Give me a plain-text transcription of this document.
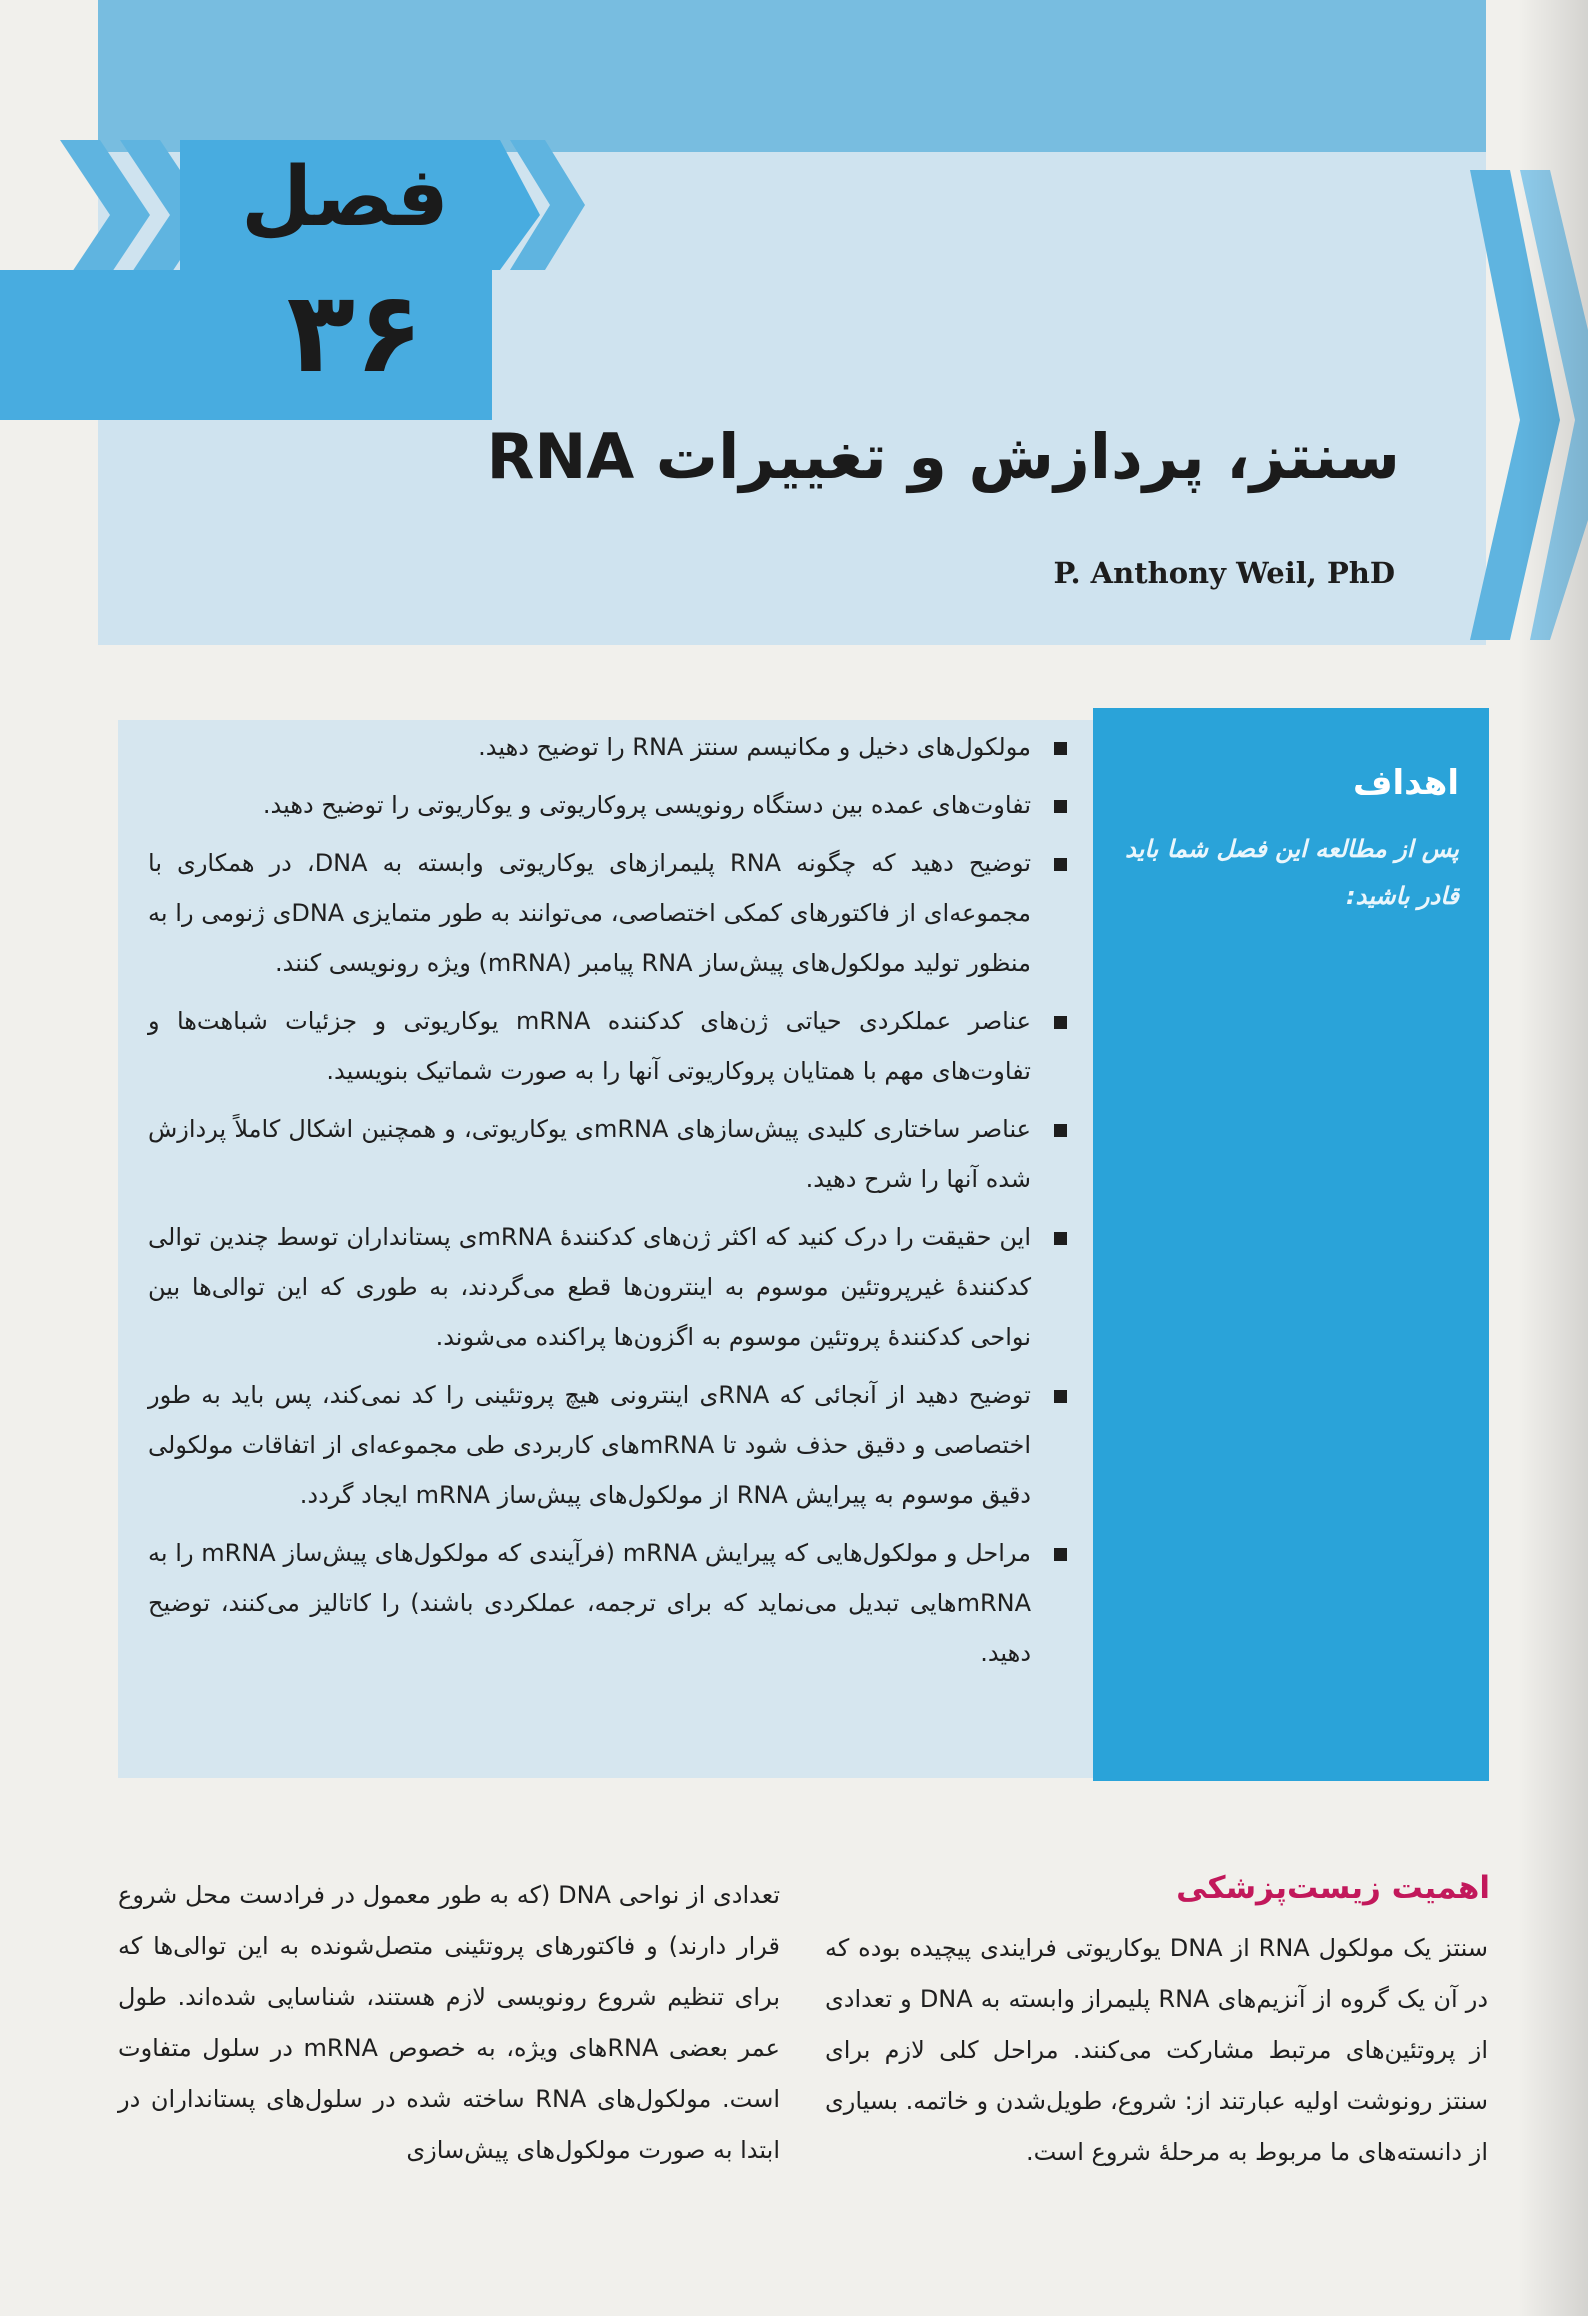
فصل
۳۶
سنتز، پردازش و تغییرات RNA
P. Anthony Weil, PhD
اهداف
پس از مطالعه این فصل شما باید قادر باشید:
مولکول‌های دخیل و مکانیسم سنتز RNA را توضیح دهید.
تفاوت‌های عمده بین دستگاه رونویسی پروکاریوتی و یوکاریوتی را توضیح دهید.
توضیح دهید که چگونه RNA پلیمرازهای یوکاریوتی وابسته به DNA، در همکاری با مجموعه‌ای از فاکتورهای کمکی اختصاصی، می‌توانند به طور متمایزی DNAی ژنومی را به منظور تولید مولکول‌های پیش‌ساز RNA پیامبر (mRNA) ویژه رونویسی کنند.
عناصر عملکردی حیاتی ژن‌های کدکننده mRNA یوکاریوتی و جزئیات شباهت‌ها و تفاوت‌های مهم با همتایان پروکاریوتی آنها را به صورت شماتیک بنویسید.
عناصر ساختاری کلیدی پیش‌سازهای mRNAی یوکاریوتی، و همچنین اشکال کاملاً پردازش شده آنها را شرح دهید.
این حقیقت را درک کنید که اکثر ژن‌های کدکنندهٔ mRNAی پستانداران توسط چندین توالی کدکنندهٔ غیرپروتئین موسوم به اینترون‌ها قطع می‌گردند، به طوری که این توالی‌ها بین نواحی کدکنندهٔ پروتئین موسوم به اگزون‌ها پراکنده می‌شوند.
توضیح دهید از آنجائی که RNAی اینترونی هیچ پروتئینی را کد نمی‌کند، پس باید به طور اختصاصی و دقیق حذف شود تا mRNAهای کاربردی طی مجموعه‌ای از اتفاقات مولکولی دقیق موسوم به پیرایش RNA از مولکول‌های پیش‌ساز mRNA ایجاد گردد.
مراحل و مولکول‌هایی که پیرایش mRNA (فرآیندی که مولکول‌های پیش‌ساز mRNA را به mRNAهایی تبدیل می‌نماید که برای ترجمه، عملکردی باشند) را کاتالیز می‌کنند، توضیح دهید.
اهمیت زیست‌پزشکی
سنتز یک مولکول RNA از DNA یوکاریوتی فرایندی پیچیده بوده که در آن یک گروه از آنزیم‌های RNA پلیمراز وابسته به DNA و تعدادی از پروتئین‌های مرتبط مشارکت می‌کنند. مراحل کلی لازم برای سنتز رونوشت اولیه عبارتند از: شروع، طویل‌شدن و خاتمه. بسیاری از دانسته‌های ما مربوط به مرحلهٔ شروع است.
تعدادی از نواحی DNA (که به طور معمول در فرادست محل شروع قرار دارند) و فاکتورهای پروتئینی متصل‌شونده به این توالی‌ها که برای تنظیم شروع رونویسی لازم هستند، شناسایی شده‌اند. طول عمر بعضی RNAهای ویژه، به خصوص mRNA در سلول متفاوت است. مولکول‌های RNA ساخته شده در سلول‌های پستانداران در ابتدا به صورت مولکول‌های پیش‌سازی
